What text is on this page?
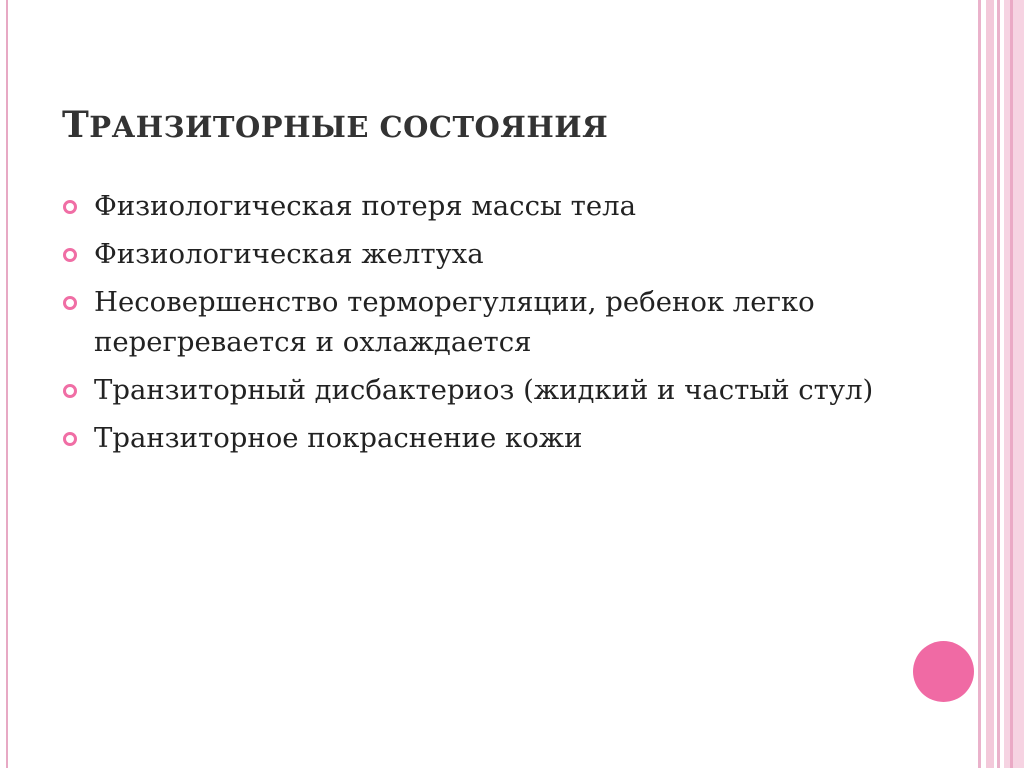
ТРАНЗИТОРНЫЕ СОСТОЯНИЯ
Физиологическая потеря массы тела
Физиологическая желтуха
Несовершенство терморегуляции, ребенок легко перегревается и охлаждается
Транзиторный дисбактериоз (жидкий и частый стул)
Транзиторное покраснение кожи
